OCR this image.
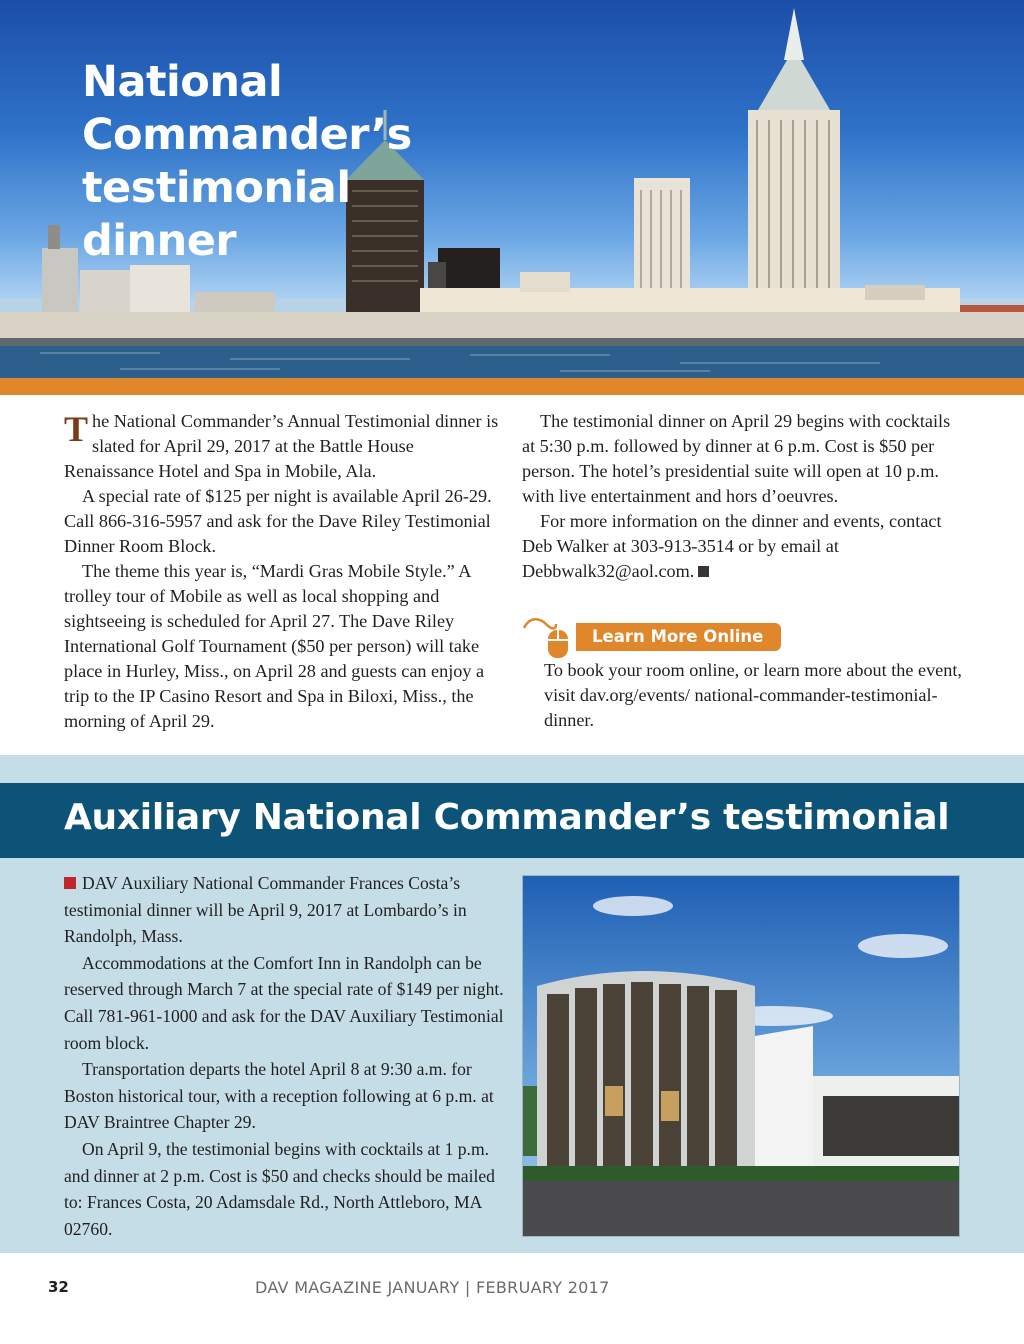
National Commander’s
testimonial
dinner

The National Commander’s Annual Testimonial dinner is slated for April 29, 2017 at the Battle House Renaissance Hotel and Spa in Mobile, Ala.

A special rate of $125 per night is available April 26-29. Call 866-316-5957 and ask for the Dave Riley Testimonial Dinner Room Block.

The theme this year is, “Mardi Gras Mobile Style.” A trolley tour of Mobile as well as local shopping and sightseeing is scheduled for April 27. The Dave Riley International Golf Tournament ($50 per person) will take place in Hurley, Miss., on April 28 and guests can enjoy a trip to the IP Casino Resort and Spa in Biloxi, Miss., the morning of April 29.

The testimonial dinner on April 29 begins with cocktails at 5:30 p.m. followed by dinner at 6 p.m. Cost is $50 per person. The hotel’s presidential suite will open at 10 p.m. with live entertainment and hors d’oeuvres.

For more information on the dinner and events, contact Deb Walker at 303-913-3514 or by email at Debbwalk32@aol.com.

Learn More Online

To book your room online, or learn more about the event, visit dav.org/events/ national-commander-testimonial-dinner.

Auxiliary National Commander’s testimonial

DAV Auxiliary National Commander Frances Costa’s testimonial dinner will be April 9, 2017 at Lombardo’s in Randolph, Mass.

Accommodations at the Comfort Inn in Randolph can be reserved through March 7 at the special rate of $149 per night. Call 781-961-1000 and ask for the DAV Auxiliary Testimonial room block.

Transportation departs the hotel April 8 at 9:30 a.m. for Boston historical tour, with a reception following at 6 p.m. at DAV Braintree Chapter 29.

On April 9, the testimonial begins with cocktails at 1 p.m. and dinner at 2 p.m. Cost is $50 and checks should be mailed to: Frances Costa, 20 Adamsdale Rd., North Attleboro, MA 02760.

32	DAV MAGAZINE JANUARY | FEBRUARY 2017
